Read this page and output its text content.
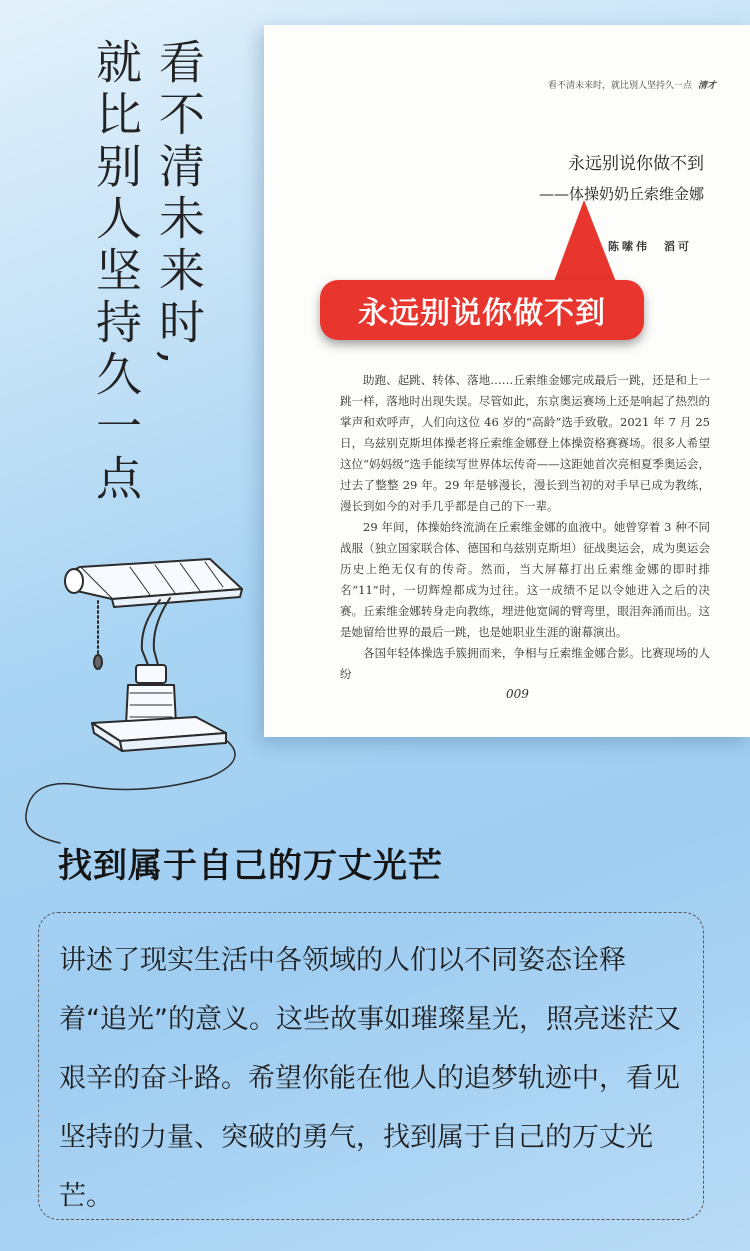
看不清未来时,
就比别人坚持久一点	看不清未来时，就比别人坚持久一点 清才
永远别说你做不到
——体操奶奶丘索维金娜
陈嗦伟　滔可

助跑、起跳、转体、落地……丘索维金娜完成最后一跳，还是和上一跳一样，落地时出现失误。尽管如此，东京奥运赛场上还是响起了热烈的掌声和欢呼声，人们向这位 46 岁的“高龄”选手致敬。2021 年 7 月 25 日，乌兹别克斯坦体操老将丘索维金娜登上体操资格赛赛场。很多人希望这位“妈妈级”选手能续写世界体坛传奇——这距她首次亮相夏季奥运会，过去了整整 29 年。29 年是够漫长，漫长到当初的对手早已成为教练，漫长到如今的对手几乎都是自己的下一辈。

29 年间，体操始终流淌在丘索维金娜的血液中。她曾穿着 3 种不同战服（独立国家联合体、德国和乌兹别克斯坦）征战奥运会，成为奥运会历史上绝无仅有的传奇。然而，当大屏幕打出丘索维金娜的即时排名“11”时，一切辉煌都成为过往。这一成绩不足以令她进入之后的决赛。丘索维金娜转身走向教练，埋进他宽阔的臂弯里，眼泪奔涌而出。这是她留给世界的最后一跳，也是她职业生涯的谢幕演出。

各国年轻体操选手簇拥而来，争相与丘索维金娜合影。比赛现场的人纷

009
永远别说你做不到
找到属于自己的万丈光芒
讲述了现实生活中各领域的人们以不同姿态诠释着“追光”的意义。这些故事如璀璨星光，照亮迷茫又艰辛的奋斗路。希望你能在他人的追梦轨迹中，看见坚持的力量、突破的勇气，找到属于自己的万丈光芒。
